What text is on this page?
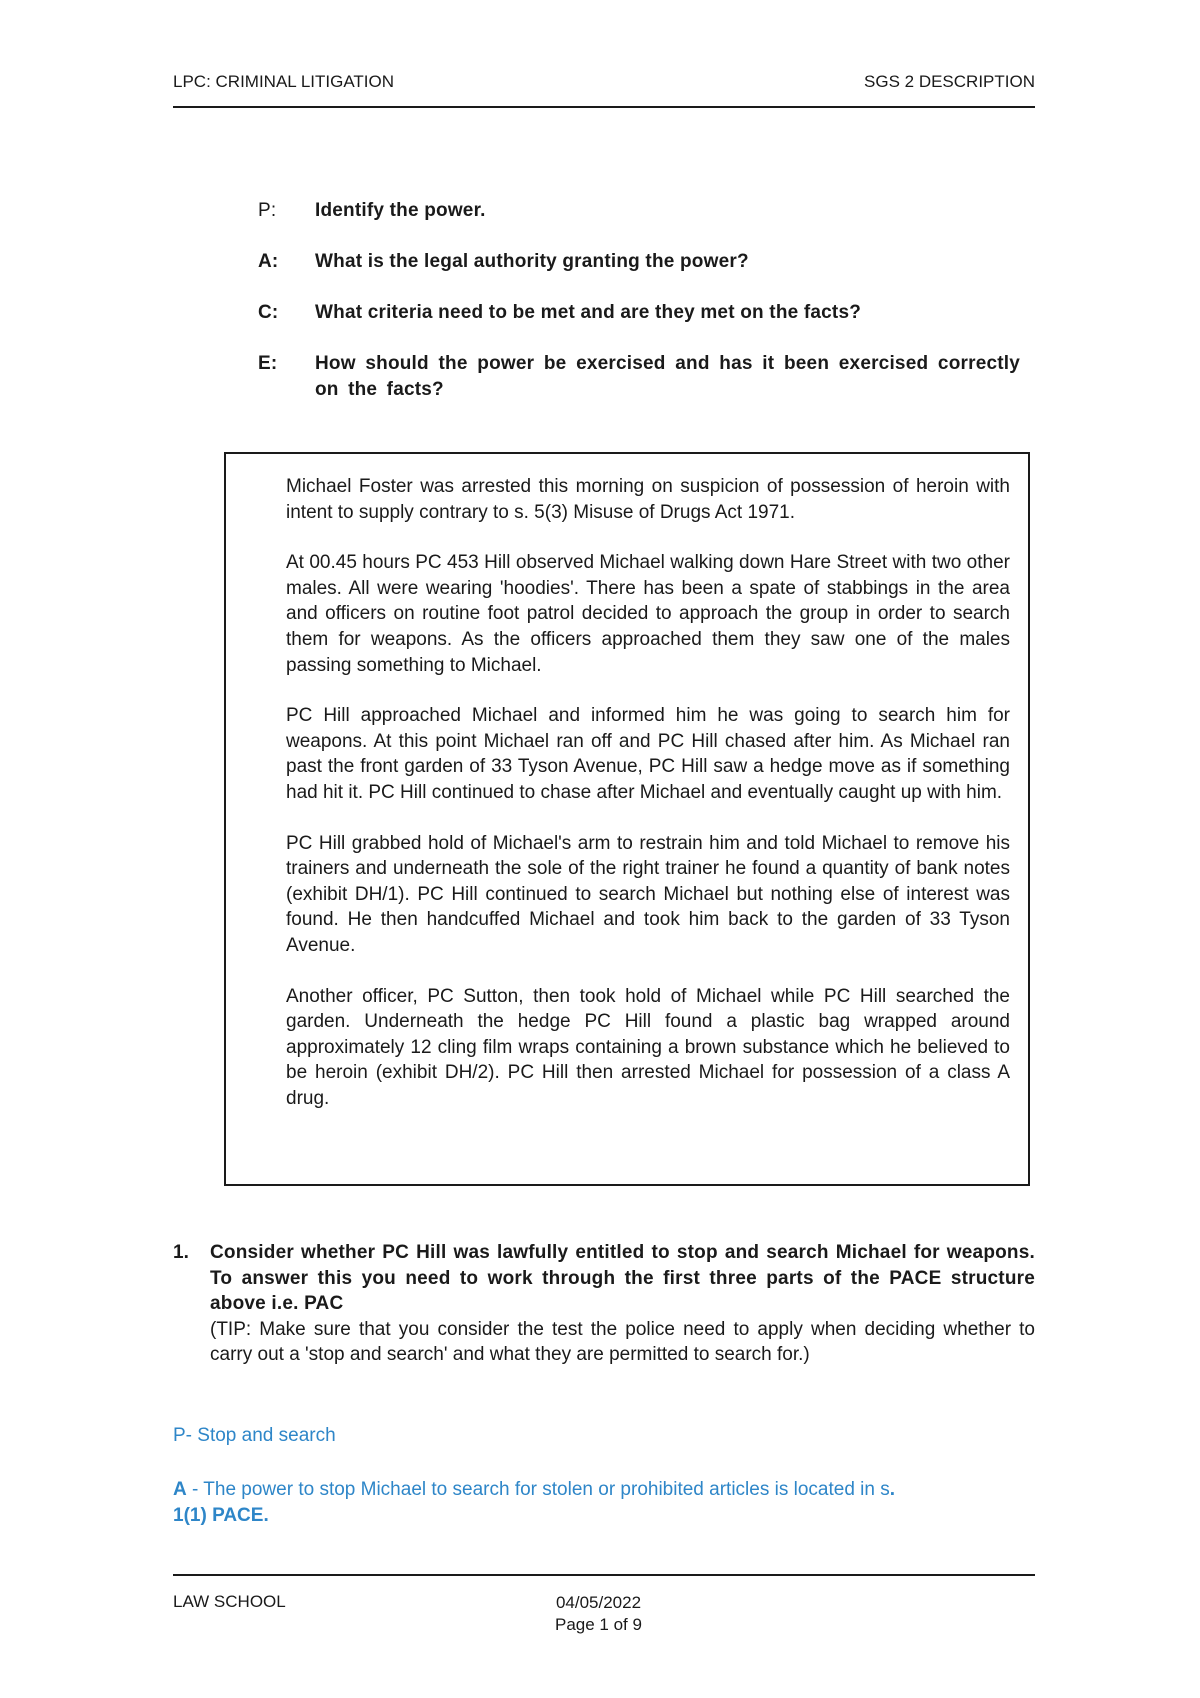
LPC: CRIMINAL LITIGATION	SGS 2 DESCRIPTION
P:	Identify the power.
A:	What is the legal authority granting the power?
C:	What criteria need to be met and are they met on the facts?
E:	How should the power be exercised and has it been exercised correctly on the facts?

Michael Foster was arrested this morning on suspicion of possession of heroin with intent to supply contrary to s. 5(3) Misuse of Drugs Act 1971.

At 00.45 hours PC 453 Hill observed Michael walking down Hare Street with two other males. All were wearing 'hoodies'. There has been a spate of stabbings in the area and officers on routine foot patrol decided to approach the group in order to search them for weapons. As the officers approached them they saw one of the males passing something to Michael.

PC Hill approached Michael and informed him he was going to search him for weapons. At this point Michael ran off and PC Hill chased after him. As Michael ran past the front garden of 33 Tyson Avenue, PC Hill saw a hedge move as if something had hit it. PC Hill continued to chase after Michael and eventually caught up with him.

PC Hill grabbed hold of Michael's arm to restrain him and told Michael to remove his trainers and underneath the sole of the right trainer he found a quantity of bank notes (exhibit DH/1). PC Hill continued to search Michael but nothing else of interest was found. He then handcuffed Michael and took him back to the garden of 33 Tyson Avenue.

Another officer, PC Sutton, then took hold of Michael while PC Hill searched the garden. Underneath the hedge PC Hill found a plastic bag wrapped around approximately 12 cling film wraps containing a brown substance which he believed to be heroin (exhibit DH/2). PC Hill then arrested Michael for possession of a class A drug.

1.	Consider whether PC Hill was lawfully entitled to stop and search Michael for weapons. To answer this you need to work through the first three parts of the PACE structure above i.e. PAC
(TIP: Make sure that you consider the test the police need to apply when deciding whether to carry out a 'stop and search' and what they are permitted to search for.)
P- Stop and search
A - The power to stop Michael to search for stolen or prohibited articles is located in s.
1(1) PACE.
LAW SCHOOL	04/05/2022
Page 1 of 9
